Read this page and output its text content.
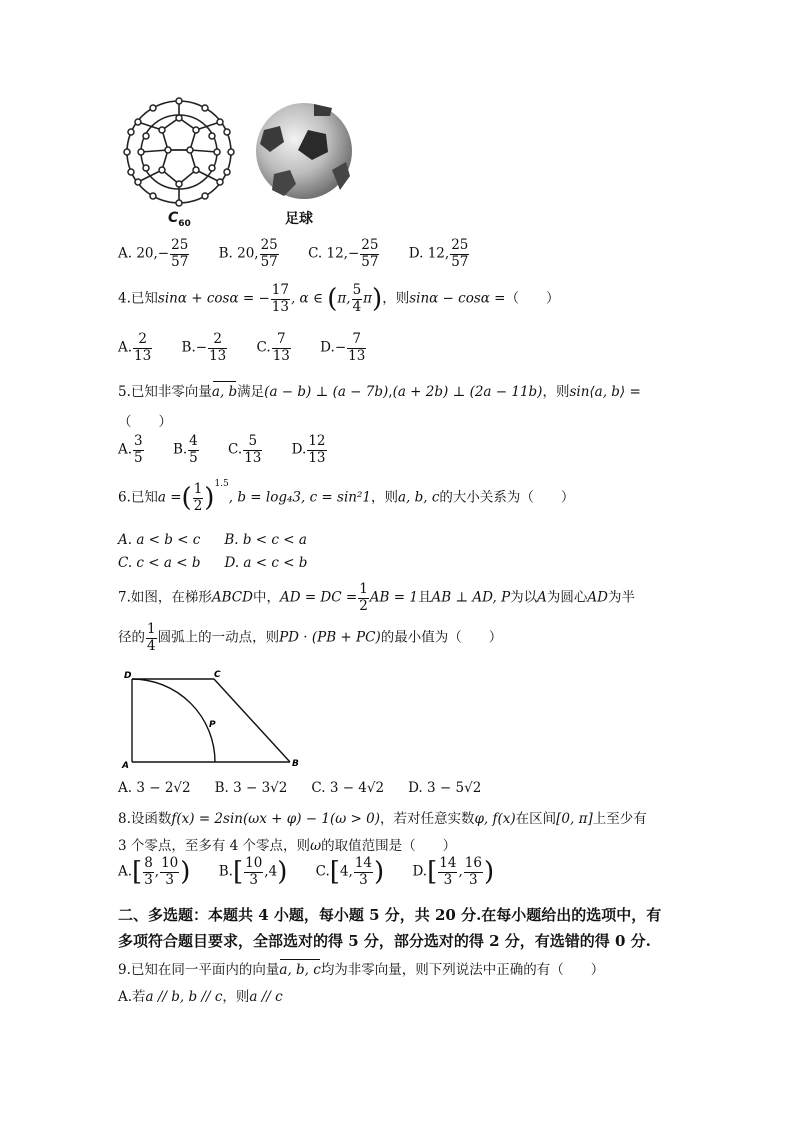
$C_{60}$	足球
A. $20,- \frac{25}{57} B$. 20, $\frac{25}{57} C$. $12,- \frac{25}{57} D$. 12, $\frac{25}{57}$
4.已知sinα + cosα = − $\frac{17}{13}$ , α ∈ (π, $\frac{5}{4} \pi$)，则sinα − cosα =（　　）
A. $\frac{2}{13} B.- \frac{2}{13} C$. $\frac{7}{13} D.- \frac{7}{13}$
5.已知非零向量a, b满足(a − b) ⊥ (a − 7b),(a + 2b) ⊥ (2a − 11b)，则sin⟨a, b⟩ =
（　　）
A. $\frac{3}{5} B$. $\frac{4}{5} C$. $\frac{5}{13} D$. $\frac{12}{13}$
6.已知a =( $\frac{1}{2} )^{1.5}$, b = log₄3, c = sin²1，则a, b, c的大小关系为（　　）
A. a < b < c B. b < c < a
C. c < a < b D. a < c < b
7.如图，在梯形ABCD中，AD = DC = $\frac{1}{2}$ AB = 1且AB ⊥ AD, P为以A为圆心AD为半
径的 $\frac{1}{4}$ 圆弧上的一动点，则PD · (PB + PC)的最小值为（　　）
D	C
A	B
P
A. 3 − 2√2 B. 3 − 3√2 C. 3 − 4√2 D. 3 − 5√2
8.设函数f(x) = 2sin(ωx + φ) − 1(ω > 0)，若对任意实数φ, f(x)在区间[0, π]上至少有
3 个零点，至多有 4 个零点，则ω的取值范围是（　　）
$A.[ \frac{8}{3}$ , $\frac{10}{3}$ ) $B.[ \frac{10}{3} ,4)$ C.[4, $\frac{14}{3}$ ) $D.[ \frac{14}{3}$ , $\frac{16}{3}$ )
二、多选题：本题共 4 小题，每小题 5 分，共 20 分.在每小题给出的选项中，有
多项符合题目要求，全部选对的得 5 分，部分选对的得 2 分，有选错的得 0 分.
9.已知在同一平面内的向量a, b, c均为非零向量，则下列说法中正确的有（　　）
A.若a // b, b // c，则a // c
